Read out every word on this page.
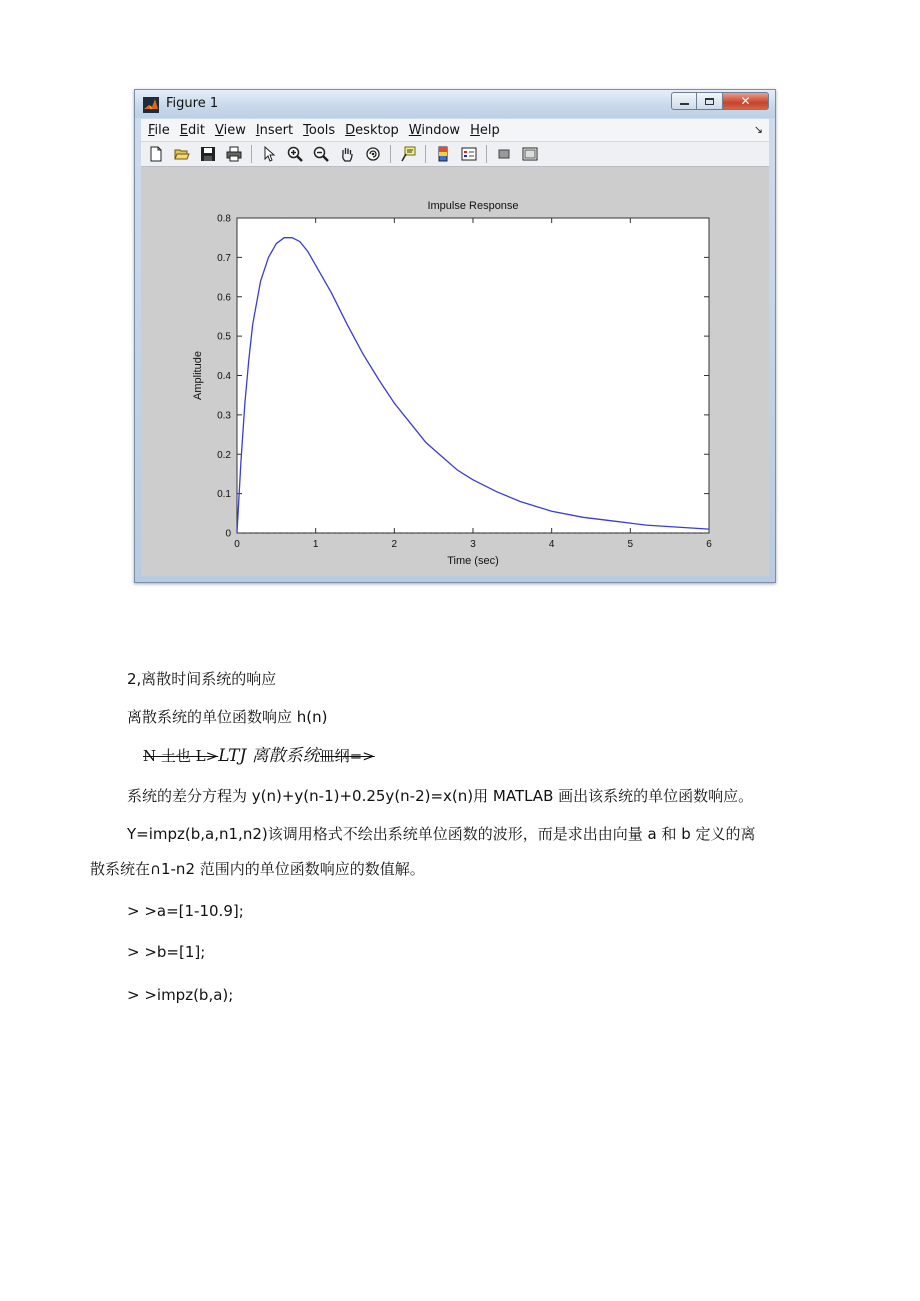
Figure 1	✕
File Edit View Insert Tools Desktop Window Help	↘
0	1	2	3	4	5	6
0
0.1
0.2
0.3
0.4
0.5
0.6
0.7
0.8
Impulse Response
Time (sec)
Amplitude
2,离散时间系统的响应
离散系统的单位函数响应 h(n)
N 土也 L>LTJ 离散系统皿纲=>
系统的差分方程为 y(n)+y(n-1)+0.25y(n-2)=x(n)用 MATLAB 画出该系统的单位函数响应。
Y=impz(b,a,n1,n2)该调用格式不绘出系统单位函数的波形，而是求出由向量 a 和 b 定义的离
散系统在∩1-n2 范围内的单位函数响应的数值解。
> >a=[1-10.9];
> >b=[1];
> >impz(b,a);
